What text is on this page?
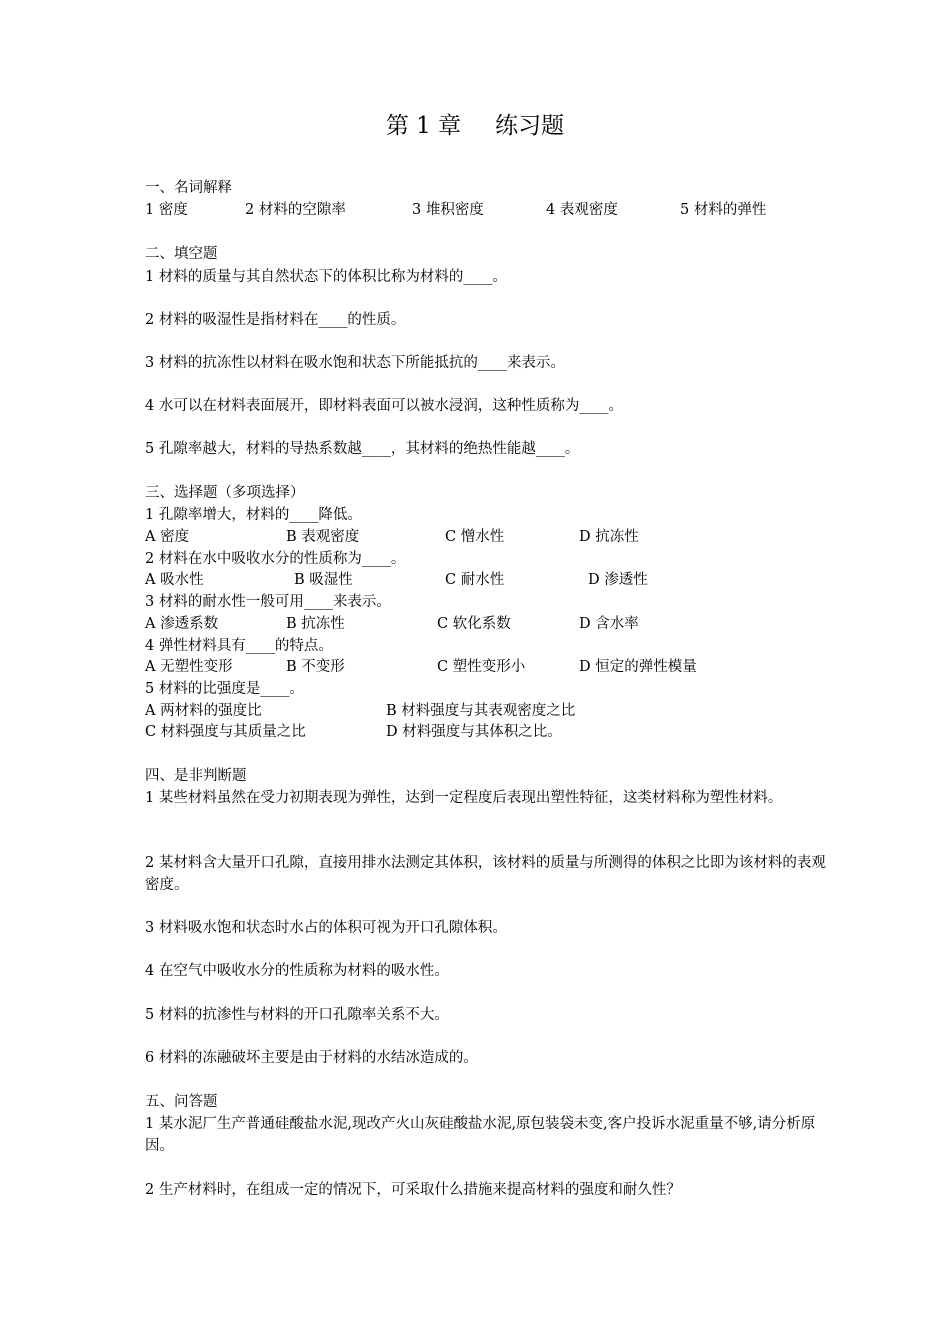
第 1 章 练习题
一、名词解释
1 密度	2 材料的空隙率	3 堆积密度	4 表观密度	5 材料的弹性
二、填空题
1 材料的质量与其自然状态下的体积比称为材料的____。
2 材料的吸湿性是指材料在____的性质。
3 材料的抗冻性以材料在吸水饱和状态下所能抵抗的____来表示。
4 水可以在材料表面展开，即材料表面可以被水浸润，这种性质称为____。
5 孔隙率越大，材料的导热系数越____，其材料的绝热性能越____。
三、选择题（多项选择）
1 孔隙率增大，材料的____降低。
A 密度	B 表观密度	C 憎水性	D 抗冻性
2 材料在水中吸收水分的性质称为____。
A 吸水性	B 吸湿性	C 耐水性	D 渗透性
3 材料的耐水性一般可用____来表示。
A 渗透系数	B 抗冻性	C 软化系数	D 含水率
4 弹性材料具有____的特点。
A 无塑性变形	B 不变形	C 塑性变形小	D 恒定的弹性模量
5 材料的比强度是____。
A 两材料的强度比	B 材料强度与其表观密度之比
C 材料强度与其质量之比	D 材料强度与其体积之比。
四、是非判断题
1 某些材料虽然在受力初期表现为弹性，达到一定程度后表现出塑性特征，这类材料称为塑性材料。
2 某材料含大量开口孔隙，直接用排水法测定其体积，该材料的质量与所测得的体积之比即为该材料的表观密度。
3 材料吸水饱和状态时水占的体积可视为开口孔隙体积。
4 在空气中吸收水分的性质称为材料的吸水性。
5 材料的抗渗性与材料的开口孔隙率关系不大。
6 材料的冻融破坏主要是由于材料的水结冰造成的。
五、问答题
1 某水泥厂生产普通硅酸盐水泥,现改产火山灰硅酸盐水泥,原包装袋未变,客户投诉水泥重量不够,请分析原因。
2 生产材料时，在组成一定的情况下，可采取什么措施来提高材料的强度和耐久性？
